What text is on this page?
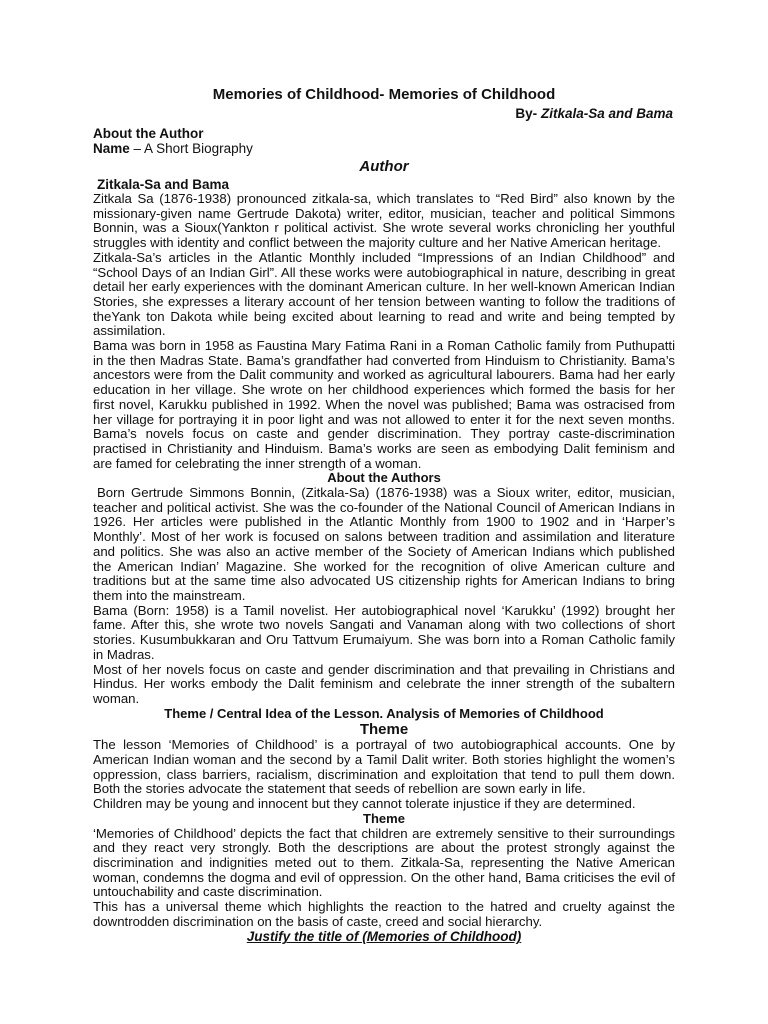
Memories of Childhood- Memories of Childhood
By- Zitkala-Sa and Bama
About the Author
Name – A Short Biography
Author
Zitkala-Sa and Bama

Zitkala Sa (1876-1938) pronounced zitkala-sa, which translates to “Red Bird” also known by the missionary-given name Gertrude Dakota) writer, editor, musician, teacher and political Simmons Bonnin, was a Sioux(Yankton r political activist. She wrote several works chronicling her youthful struggles with identity and conflict between the majority culture and her Native American heritage.

Zitkala-Sa’s articles in the Atlantic Monthly included “Impressions of an Indian Childhood” and “School Days of an Indian Girl”. All these works were autobiographical in nature, describing in great detail her early experiences with the dominant American culture. In her well-known American Indian Stories, she expresses a literary account of her tension between wanting to follow the traditions of theYank ton Dakota while being excited about learning to read and write and being tempted by assimilation.

Bama was born in 1958 as Faustina Mary Fatima Rani in a Roman Catholic family from Puthupatti in the then Madras State. Bama’s grandfather had converted from Hinduism to Christianity. Bama’s ancestors were from the Dalit community and worked as agricultural labourers. Bama had her early education in her village. She wrote on her childhood experiences which formed the basis for her first novel, Karukku published in 1992. When the novel was published; Bama was ostracised from her village for portraying it in poor light and was not allowed to enter it for the next seven months. Bama’s novels focus on caste and gender discrimination. They portray caste-discrimination practised in Christianity and Hinduism. Bama’s works are seen as embodying Dalit feminism and are famed for celebrating the inner strength of a woman.

About the Authors

Born Gertrude Simmons Bonnin, (Zitkala-Sa) (1876-1938) was a Sioux writer, editor, musician, teacher and political activist. She was the co-founder of the National Council of American Indians in 1926. Her articles were published in the Atlantic Monthly from 1900 to 1902 and in ‘Harper’s Monthly’. Most of her work is focused on salons between tradition and assimilation and literature and politics. She was also an active member of the Society of American Indians which published the American Indian’ Magazine. She worked for the recognition of olive American culture and traditions but at the same time also advocated US citizenship rights for American Indians to bring them into the mainstream.

Bama (Born: 1958) is a Tamil novelist. Her autobiographical novel ‘Karukku’ (1992) brought her fame. After this, she wrote two novels Sangati and Vanaman along with two collections of short stories. Kusumbukkaran and Oru Tattvum Erumaiyum. She was born into a Roman Catholic family in Madras.

Most of her novels focus on caste and gender discrimination and that prevailing in Christians and Hindus. Her works embody the Dalit feminism and celebrate the inner strength of the subaltern woman.

Theme / Central Idea of the Lesson. Analysis of Memories of Childhood
Theme

The lesson ‘Memories of Childhood’ is a portrayal of two autobiographical accounts. One by American Indian woman and the second by a Tamil Dalit writer. Both stories highlight the women’s oppression, class barriers, racialism, discrimination and exploitation that tend to pull them down. Both the stories advocate the statement that seeds of rebellion are sown early in life.

Children may be young and innocent but they cannot tolerate injustice if they are determined.

Theme

‘Memories of Childhood’ depicts the fact that children are extremely sensitive to their surroundings and they react very strongly. Both the descriptions are about the protest strongly against the discrimination and indignities meted out to them. Zitkala-Sa, representing the Native American woman, condemns the dogma and evil of oppression. On the other hand, Bama criticises the evil of untouchability and caste discrimination.

This has a universal theme which highlights the reaction to the hatred and cruelty against the downtrodden discrimination on the basis of caste, creed and social hierarchy.

Justify the title of (Memories of Childhood)
